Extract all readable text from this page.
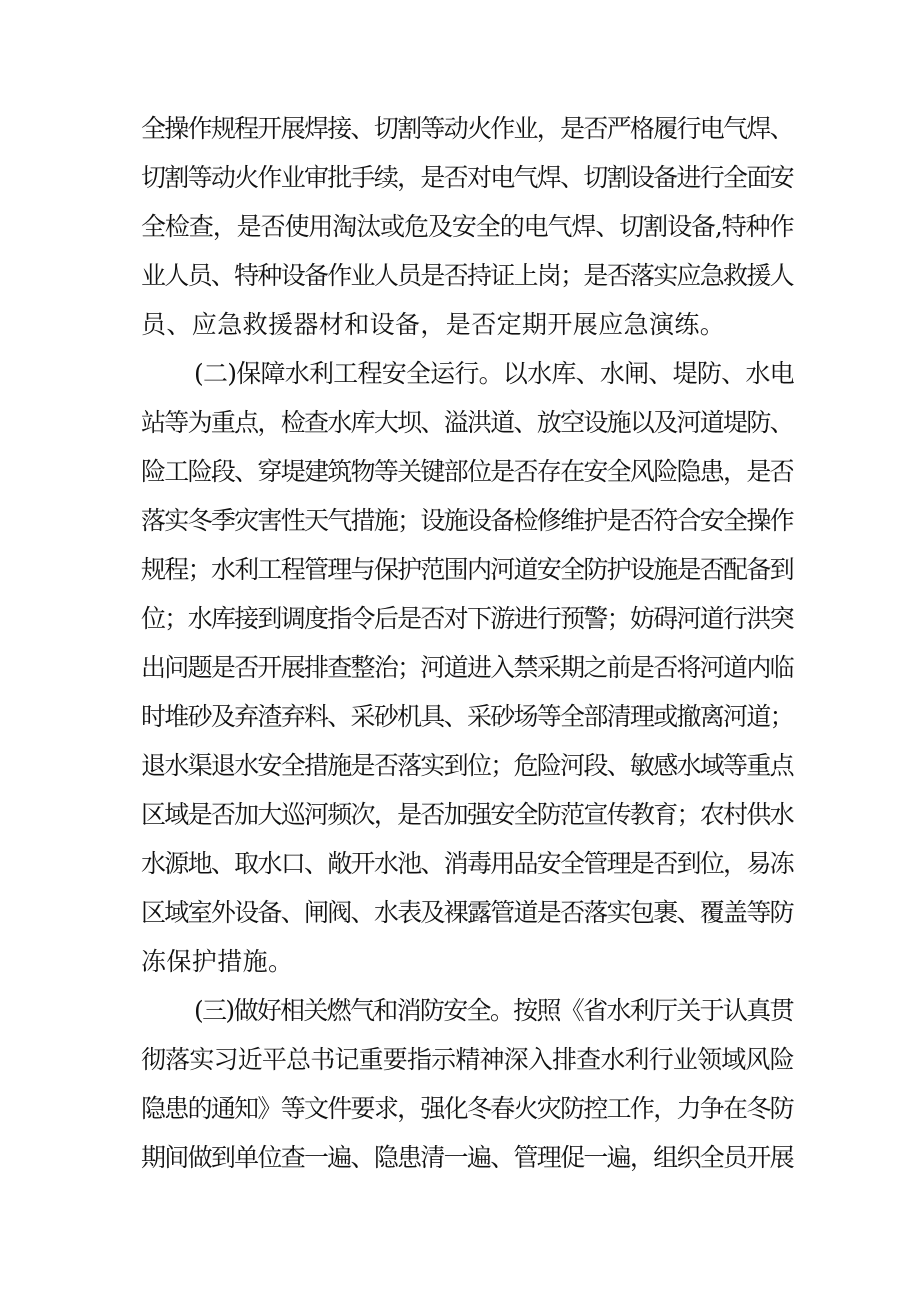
全操作规程开展焊接、切割等动火作业，是否严格履行电气焊、
切割等动火作业审批手续，是否对电气焊、切割设备进行全面安
全检查，是否使用淘汰或危及安全的电气焊、切割设备,特种作
业人员、特种设备作业人员是否持证上岗；是否落实应急救援人
员、应急救援器材和设备，是否定期开展应急演练。
(二)保障水利工程安全运行。以水库、水闸、堤防、水电
站等为重点，检查水库大坝、溢洪道、放空设施以及河道堤防、
险工险段、穿堤建筑物等关键部位是否存在安全风险隐患，是否
落实冬季灾害性天气措施；设施设备检修维护是否符合安全操作
规程；水利工程管理与保护范围内河道安全防护设施是否配备到
位；水库接到调度指令后是否对下游进行预警；妨碍河道行洪突
出问题是否开展排查整治；河道进入禁采期之前是否将河道内临
时堆砂及弃渣弃料、采砂机具、采砂场等全部清理或撤离河道；
退水渠退水安全措施是否落实到位；危险河段、敏感水域等重点
区域是否加大巡河频次，是否加强安全防范宣传教育；农村供水
水源地、取水口、敞开水池、消毒用品安全管理是否到位，易冻
区域室外设备、闸阀、水表及裸露管道是否落实包裹、覆盖等防
冻保护措施。
(三)做好相关燃气和消防安全。按照《省水利厅关于认真贯
彻落实习近平总书记重要指示精神深入排查水利行业领域风险
隐患的通知》等文件要求，强化冬春火灾防控工作，力争在冬防
期间做到单位查一遍、隐患清一遍、管理促一遍，组织全员开展
